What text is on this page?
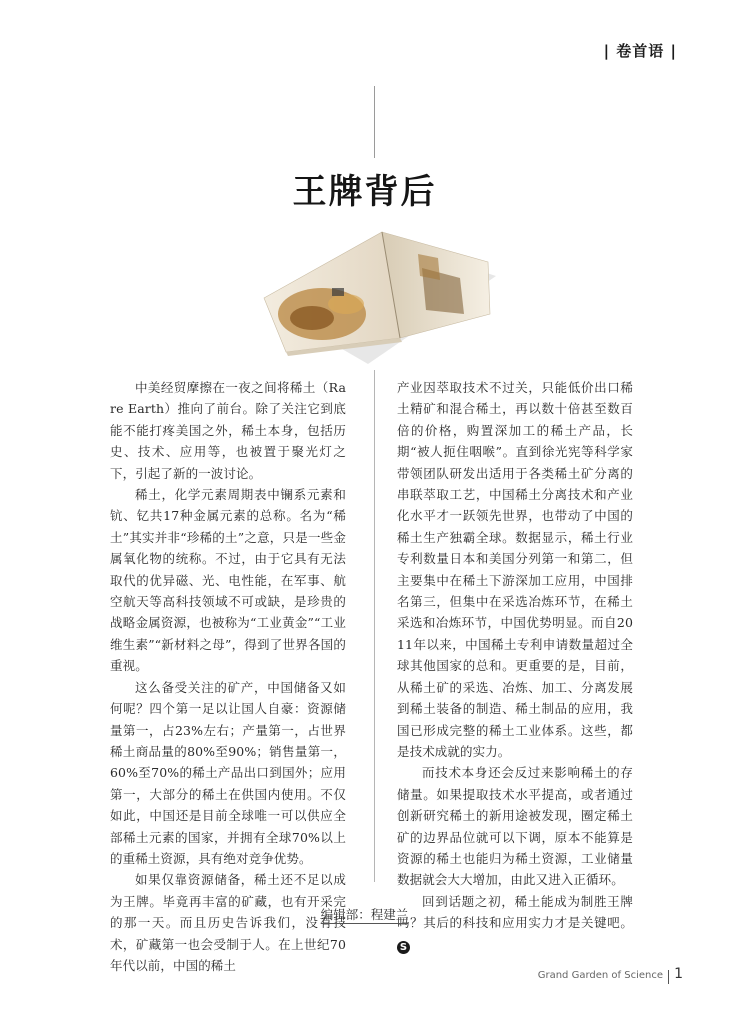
| 卷首语 |
王牌背后

中美经贸摩擦在一夜之间将稀土（Rare Earth）推向了前台。除了关注它到底能不能打疼美国之外，稀土本身，包括历史、技术、应用等，也被置于聚光灯之下，引起了新的一波讨论。

稀土，化学元素周期表中镧系元素和钪、钇共17种金属元素的总称。名为“稀土”其实并非“珍稀的土”之意，只是一些金属氧化物的统称。不过，由于它具有无法取代的优异磁、光、电性能，在军事、航空航天等高科技领域不可或缺，是珍贵的战略金属资源，也被称为“工业黄金”“工业维生素”“新材料之母”，得到了世界各国的重视。

这么备受关注的矿产，中国储备又如何呢？四个第一足以让国人自豪：资源储量第一，占23%左右；产量第一，占世界稀土商品量的80%至90%；销售量第一，60%至70%的稀土产品出口到国外；应用第一，大部分的稀土在供国内使用。不仅如此，中国还是目前全球唯一可以供应全部稀土元素的国家，并拥有全球70%以上的重稀土资源，具有绝对竞争优势。

如果仅靠资源储备，稀土还不足以成为王牌。毕竟再丰富的矿藏，也有开采完的那一天。而且历史告诉我们，没有技术，矿藏第一也会受制于人。在上世纪70年代以前，中国的稀土

产业因萃取技术不过关，只能低价出口稀土精矿和混合稀土，再以数十倍甚至数百倍的价格，购置深加工的稀土产品，长期“被人扼住咽喉”。直到徐光宪等科学家带领团队研发出适用于各类稀土矿分离的串联萃取工艺，中国稀土分离技术和产业化水平才一跃领先世界，也带动了中国的稀土生产独霸全球。数据显示，稀土行业专利数量日本和美国分列第一和第二，但主要集中在稀土下游深加工应用，中国排名第三，但集中在采选冶炼环节，在稀土采选和冶炼环节，中国优势明显。而自2011年以来，中国稀土专利申请数量超过全球其他国家的总和。更重要的是，目前，从稀土矿的采选、冶炼、加工、分离发展到稀土装备的制造、稀土制品的应用，我国已形成完整的稀土工业体系。这些，都是技术成就的实力。

而技术本身还会反过来影响稀土的存储量。如果提取技术水平提高，或者通过创新研究稀土的新用途被发现，圈定稀土矿的边界品位就可以下调，原本不能算是资源的稀土也能归为稀土资源，工业储量数据就会大大增加，由此又进入正循环。

回到话题之初，稀土能成为制胜王牌吗？其后的科技和应用实力才是关键吧。S

编辑部：程建兰
Grand Garden of Science 1
